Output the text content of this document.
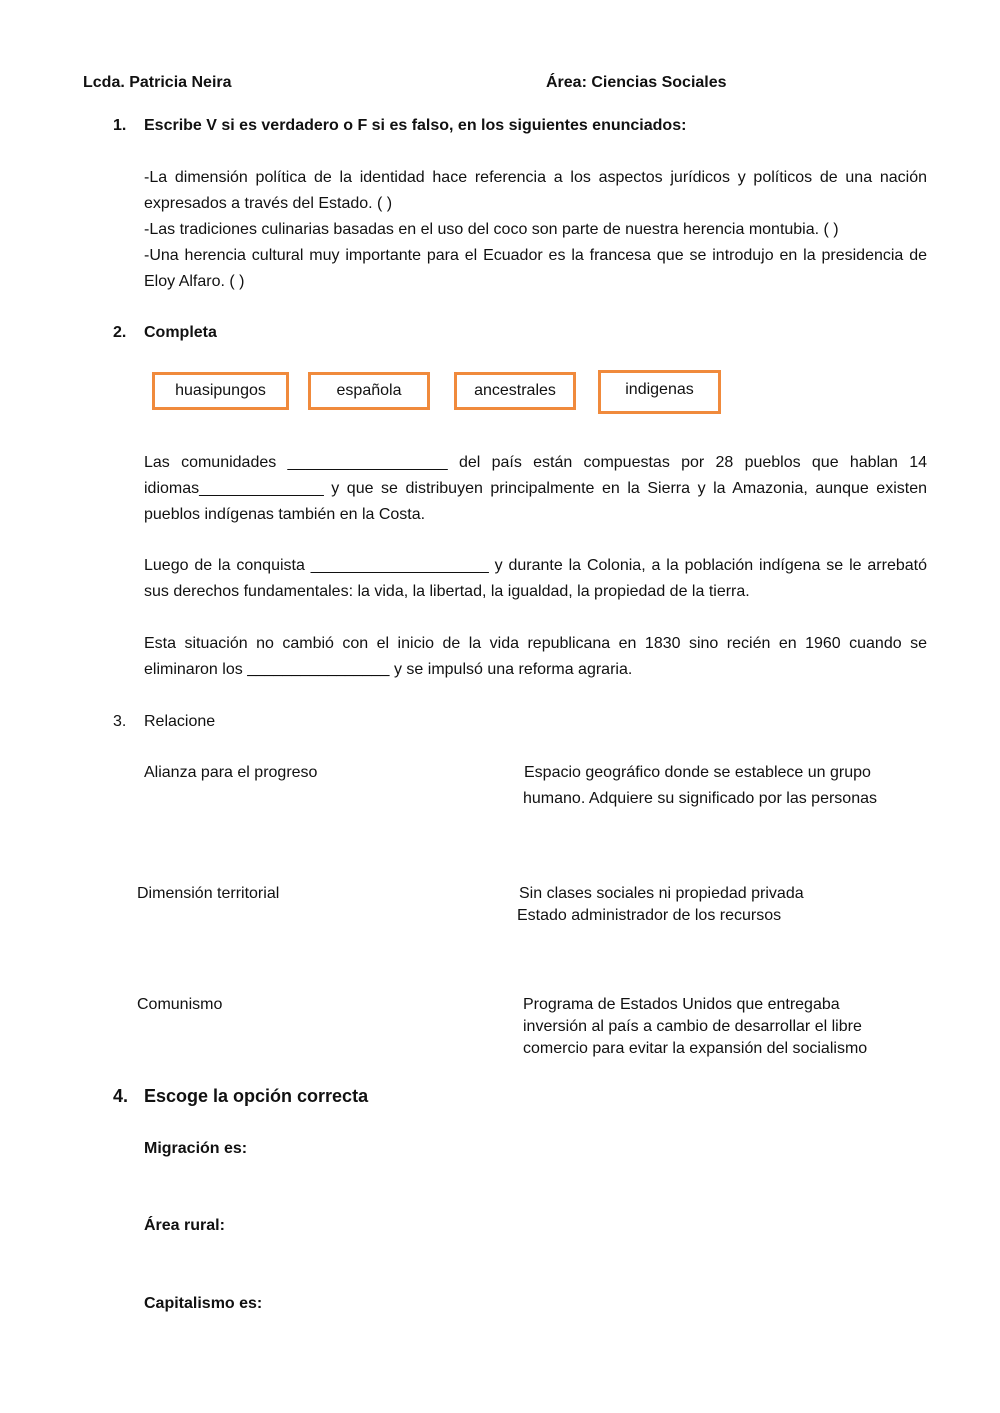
Lcda. Patricia Neira	Área: Ciencias Sociales
1. Escribe V si es verdadero o F si es falso, en los siguientes enunciados:

-La dimensión política de la identidad hace referencia a los aspectos jurídicos y políticos de una nación expresados a través del Estado. ( )

-Las tradiciones culinarias basadas en el uso del coco son parte de nuestra herencia montubia. ( )

-Una herencia cultural muy importante para el Ecuador es la francesa que se introdujo en la presidencia de Eloy Alfaro. ( )

2. Completa
huasipungos	española	ancestrales	indigenas

Las comunidades __________________ del país están compuestas por 28 pueblos que hablan 14 idiomas______________ y que se distribuyen principalmente en la Sierra y la Amazonia, aunque existen pueblos indígenas también en la Costa.

Luego de la conquista ____________________ y durante la Colonia, a la población indígena se le arrebató sus derechos fundamentales: la vida, la libertad, la igualdad, la propiedad de la tierra.

Esta situación no cambió con el inicio de la vida republicana en 1830 sino recién en 1960 cuando se eliminaron los ________________ y se impulsó una reforma agraria.

3. Relacione
Alianza para el progreso	Espacio geográfico donde se establece un grupo
humano. Adquiere su significado por las personas
Dimensión territorial	Sin clases sociales ni propiedad privada
Estado administrador de los recursos
Comunismo	Programa de Estados Unidos que entregaba
inversión al país a cambio de desarrollar el libre
comercio para evitar la expansión del socialismo
4. Escoge la opción correcta
Migración es:
Área rural:
Capitalismo es:
